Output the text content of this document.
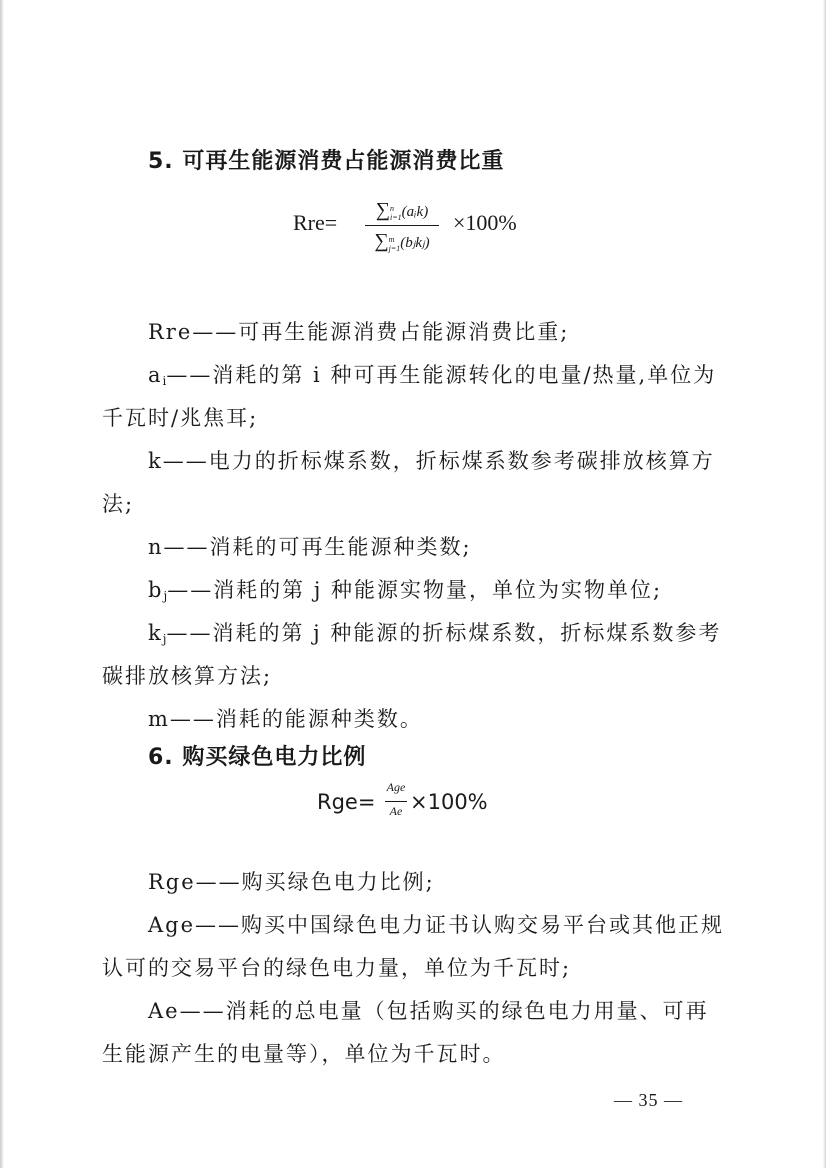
5. 可再生能源消费占能源消费比重
Rre=	∑n
i=1(aᵢk)
∑m
j=1(bⱼkⱼ)
×100%
Rre——可再生能源消费占能源消费比重;
$a_i——$消耗的第 i 种可再生能源转化的电量/热量,单位为
千瓦时/兆焦耳;
k——电力的折标煤系数，折标煤系数参考碳排放核算方
法;
n——消耗的可再生能源种类数;
$b_j——$消耗的第 j 种能源实物量，单位为实物单位;
$k_j——$消耗的第 j 种能源的折标煤系数，折标煤系数参考
碳排放核算方法;
m——消耗的能源种类数。
6. 购买绿色电力比例
Rge=
Age
Ae ×100%
Rge——购买绿色电力比例;
Age——购买中国绿色电力证书认购交易平台或其他正规
认可的交易平台的绿色电力量，单位为千瓦时;
Ae——消耗的总电量（包括购买的绿色电力用量、可再
生能源产生的电量等），单位为千瓦时。
— 35 —
